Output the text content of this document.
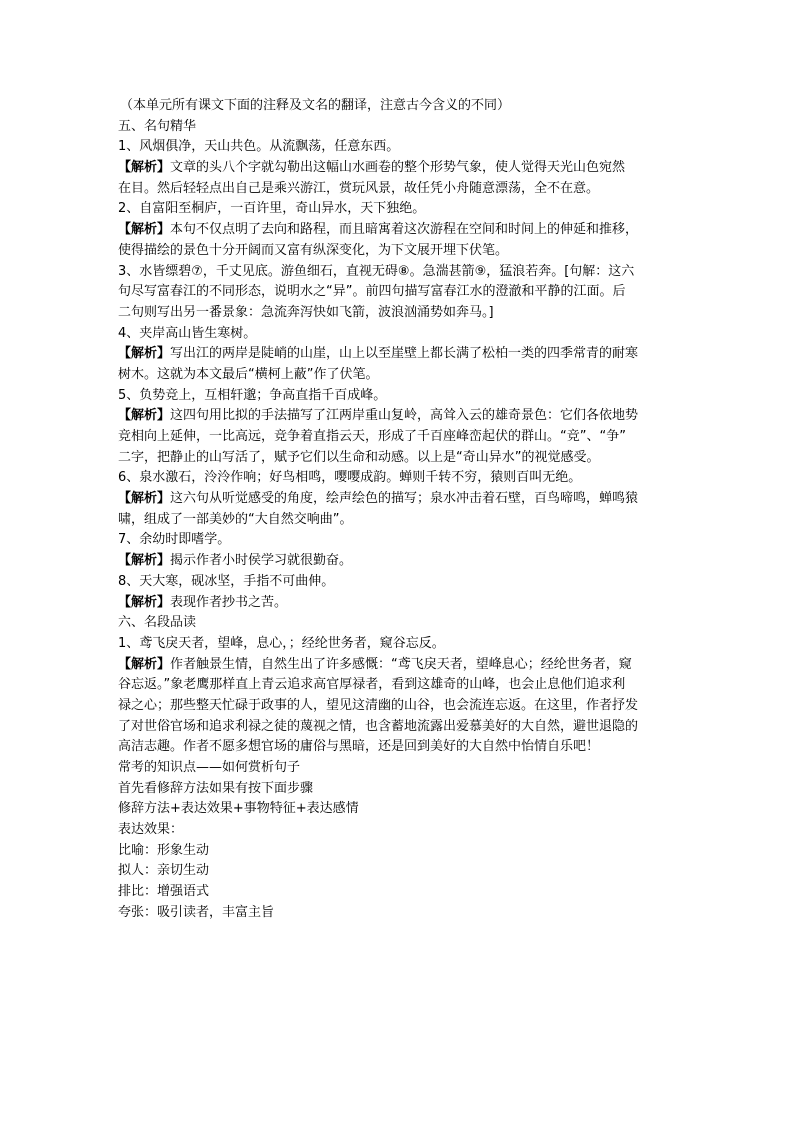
（本单元所有课文下面的注释及文名的翻译，注意古今含义的不同）
五、名句精华
1、风烟俱净，天山共色。从流飘荡，任意东西。
【解析】文章的头八个字就勾勒出这幅山水画卷的整个形势气象，使人觉得天光山色宛然
在目。然后轻轻点出自己是乘兴游江，赏玩风景，故任凭小舟随意漂荡，全不在意。
2、自富阳至桐庐，一百许里，奇山异水，天下独绝。
【解析】本句不仅点明了去向和路程，而且暗寓着这次游程在空间和时间上的伸延和推移，
使得描绘的景色十分开阔而又富有纵深变化，为下文展开埋下伏笔。
3、水皆缥碧⑦，千丈见底。游鱼细石，直视无碍⑧。急湍甚箭⑨，猛浪若奔。[句解：这六
句尽写富春江的不同形态，说明水之“异”。前四句描写富春江水的澄澈和平静的江面。后
二句则写出另一番景象：急流奔泻快如飞箭，波浪汹涌势如奔马。]
4、夹岸高山皆生寒树。
【解析】写出江的两岸是陡峭的山崖，山上以至崖壁上都长满了松柏一类的四季常青的耐寒
树木。这就为本文最后“横柯上蔽”作了伏笔。
5、负势竞上，互相轩邈；争高直指千百成峰。
【解析】这四句用比拟的手法描写了江两岸重山复岭，高耸入云的雄奇景色：它们各依地势
竞相向上延伸，一比高远，竞争着直指云天，形成了千百座峰峦起伏的群山。“竞”、“争”
二字，把静止的山写活了，赋予它们以生命和动感。以上是“奇山异水”的视觉感受。
6、泉水激石，泠泠作响；好鸟相鸣，嘤嘤成韵。蝉则千转不穷，猿则百叫无绝。
【解析】这六句从听觉感受的角度，绘声绘色的描写；泉水冲击着石壁，百鸟啼鸣，蝉鸣猿
啸，组成了一部美妙的“大自然交响曲”。
7、余幼时即嗜学。
【解析】揭示作者小时侯学习就很勤奋。
8、天大寒，砚冰坚，手指不可曲伸。
【解析】表现作者抄书之苦。
六、名段品读
1、鸢飞戾天者，望峰，息心，；经纶世务者，窥谷忘反。
【解析】作者触景生情，自然生出了许多感慨：“鸢飞戾天者，望峰息心；经纶世务者，窥
谷忘返。”象老鹰那样直上青云追求高官厚禄者，看到这雄奇的山峰，也会止息他们追求利
禄之心；那些整天忙碌于政事的人，望见这清幽的山谷，也会流连忘返。在这里，作者抒发
了对世俗官场和追求利禄之徒的蔑视之情，也含蓄地流露出爱慕美好的大自然，避世退隐的
高洁志趣。作者不愿多想官场的庸俗与黑暗，还是回到美好的大自然中怡情自乐吧！
常考的知识点——如何赏析句子
首先看修辞方法如果有按下面步骤
修辞方法+表达效果+事物特征+表达感情
表达效果：
比喻：形象生动
拟人：亲切生动
排比：增强语式
夸张：吸引读者，丰富主旨
